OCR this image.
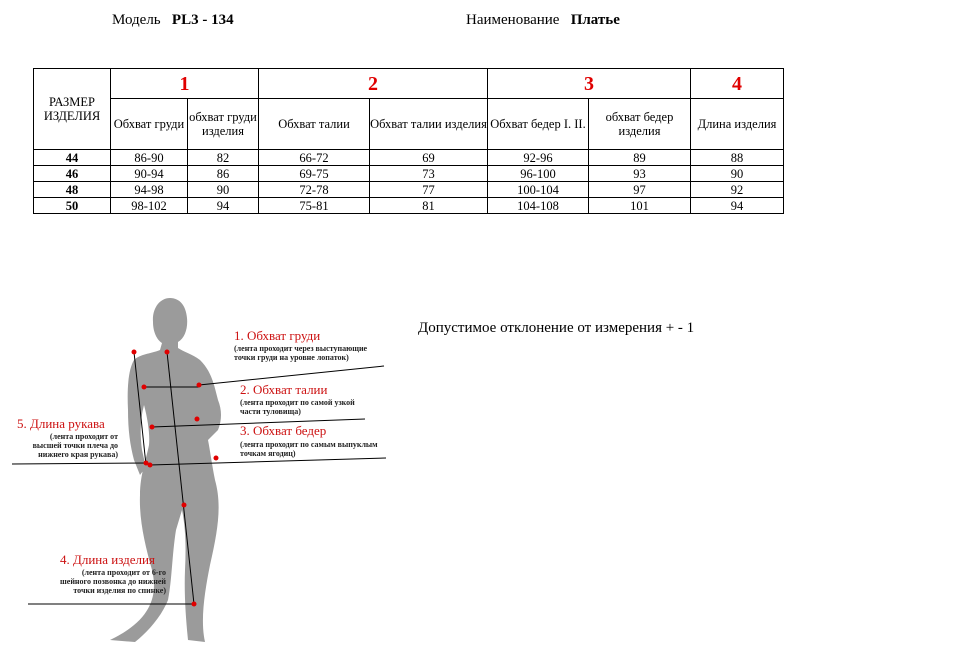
Модель PL3 - 134	Наименование Платье
РАЗМЕР ИЗДЕЛИЯ	1		2		3		4
	Обхват груди	обхват груди изделия	Обхват талии	Обхват талии изделия	Обхват бедер I. II.	обхват бедер изделия	Длина изделия
44	86-90	82	66-72	69	92-96	89	88
46	90-94	86	69-75	73	96-100	93	90
48	94-98	90	72-78	77	100-104	97	92
50	98-102	94	75-81	81	104-108	101	94
Допустимое отклонение от измерения + - 1
1. Обхват груди
(лента проходит через выступающие
точки груди на уровне лопаток)
2. Обхват талии
(лента проходит по самой узкой
части туловища)
3. Обхват бедер
(лента проходит по самым выпуклым
точкам ягодиц)
5. Длина рукава
(лента проходит от
высшей точки плеча до
нижнего края рукава)
4. Длина изделия
(лента проходит от 6-го
шейного позвонка до нижней
точки изделия по спинке)
